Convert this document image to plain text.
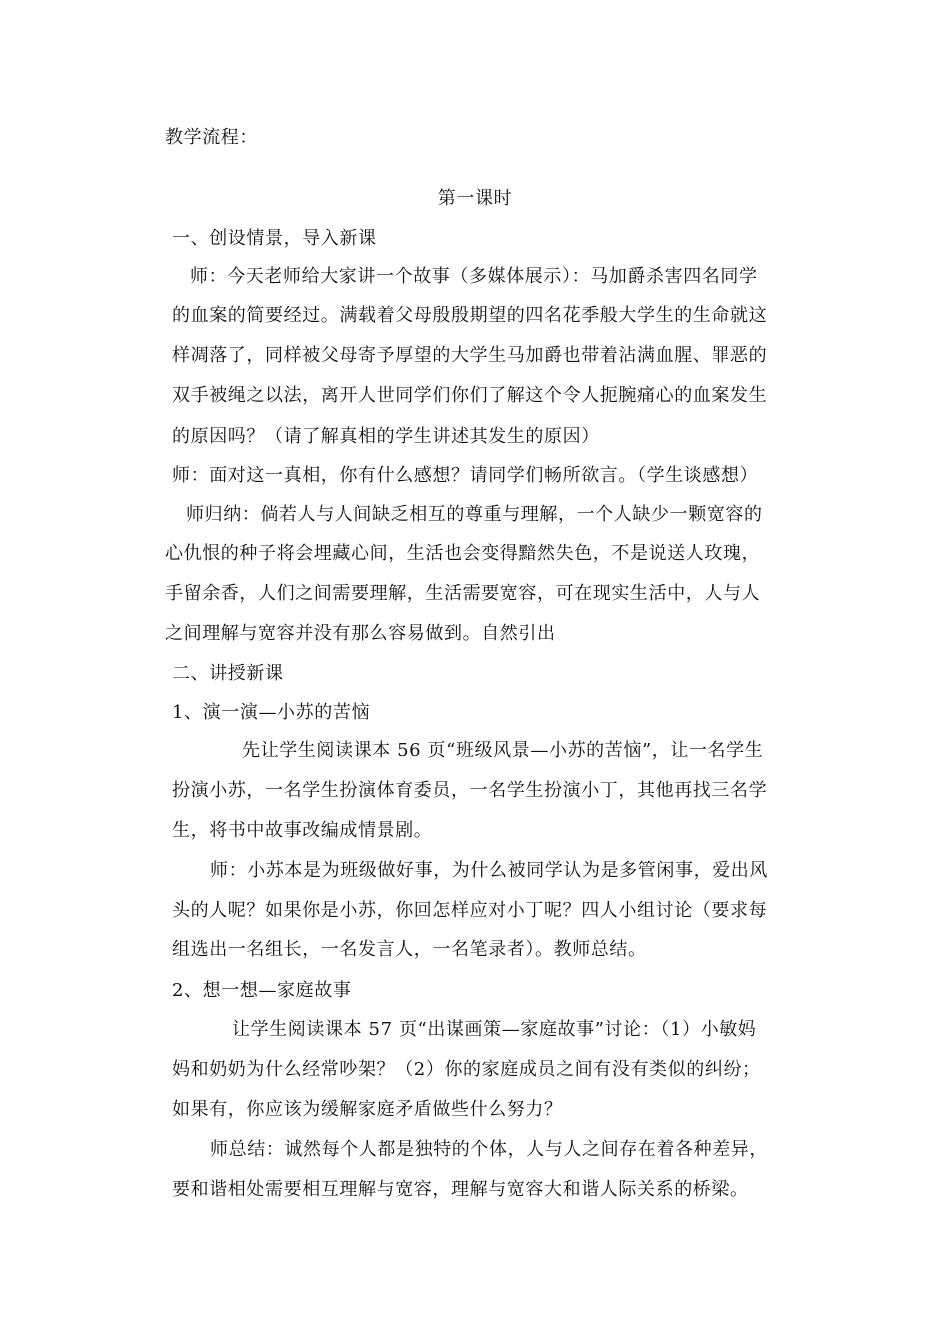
教学流程：
第一课时
一、创设情景，导入新课
师：今天老师给大家讲一个故事（多媒体展示）：马加爵杀害四名同学
的血案的简要经过。满载着父母殷殷期望的四名花季般大学生的生命就这
样凋落了，同样被父母寄予厚望的大学生马加爵也带着沾满血腥、罪恶的
双手被绳之以法，离开人世同学们你们了解这个令人扼腕痛心的血案发生
的原因吗？（请了解真相的学生讲述其发生的原因）
师：面对这一真相，你有什么感想？请同学们畅所欲言。（学生谈感想）
师归纳：倘若人与人间缺乏相互的尊重与理解，一个人缺少一颗宽容的
心仇恨的种子将会埋藏心间，生活也会变得黯然失色，不是说送人玫瑰，
手留余香，人们之间需要理解，生活需要宽容，可在现实生活中，人与人
之间理解与宽容并没有那么容易做到。自然引出
二、讲授新课
1、演一演—小苏的苦恼
先让学生阅读课本 56 页“班级风景—小苏的苦恼”，让一名学生
扮演小苏，一名学生扮演体育委员，一名学生扮演小丁，其他再找三名学
生，将书中故事改编成情景剧。
师：小苏本是为班级做好事，为什么被同学认为是多管闲事，爱出风
头的人呢？如果你是小苏，你回怎样应对小丁呢？四人小组讨论（要求每
组选出一名组长，一名发言人，一名笔录者）。教师总结。
2、想一想—家庭故事
让学生阅读课本 57 页“出谋画策—家庭故事”讨论：（1）小敏妈
妈和奶奶为什么经常吵架？（2）你的家庭成员之间有没有类似的纠纷；
如果有，你应该为缓解家庭矛盾做些什么努力？
师总结：诚然每个人都是独特的个体，人与人之间存在着各种差异，
要和谐相处需要相互理解与宽容，理解与宽容大和谐人际关系的桥梁。
